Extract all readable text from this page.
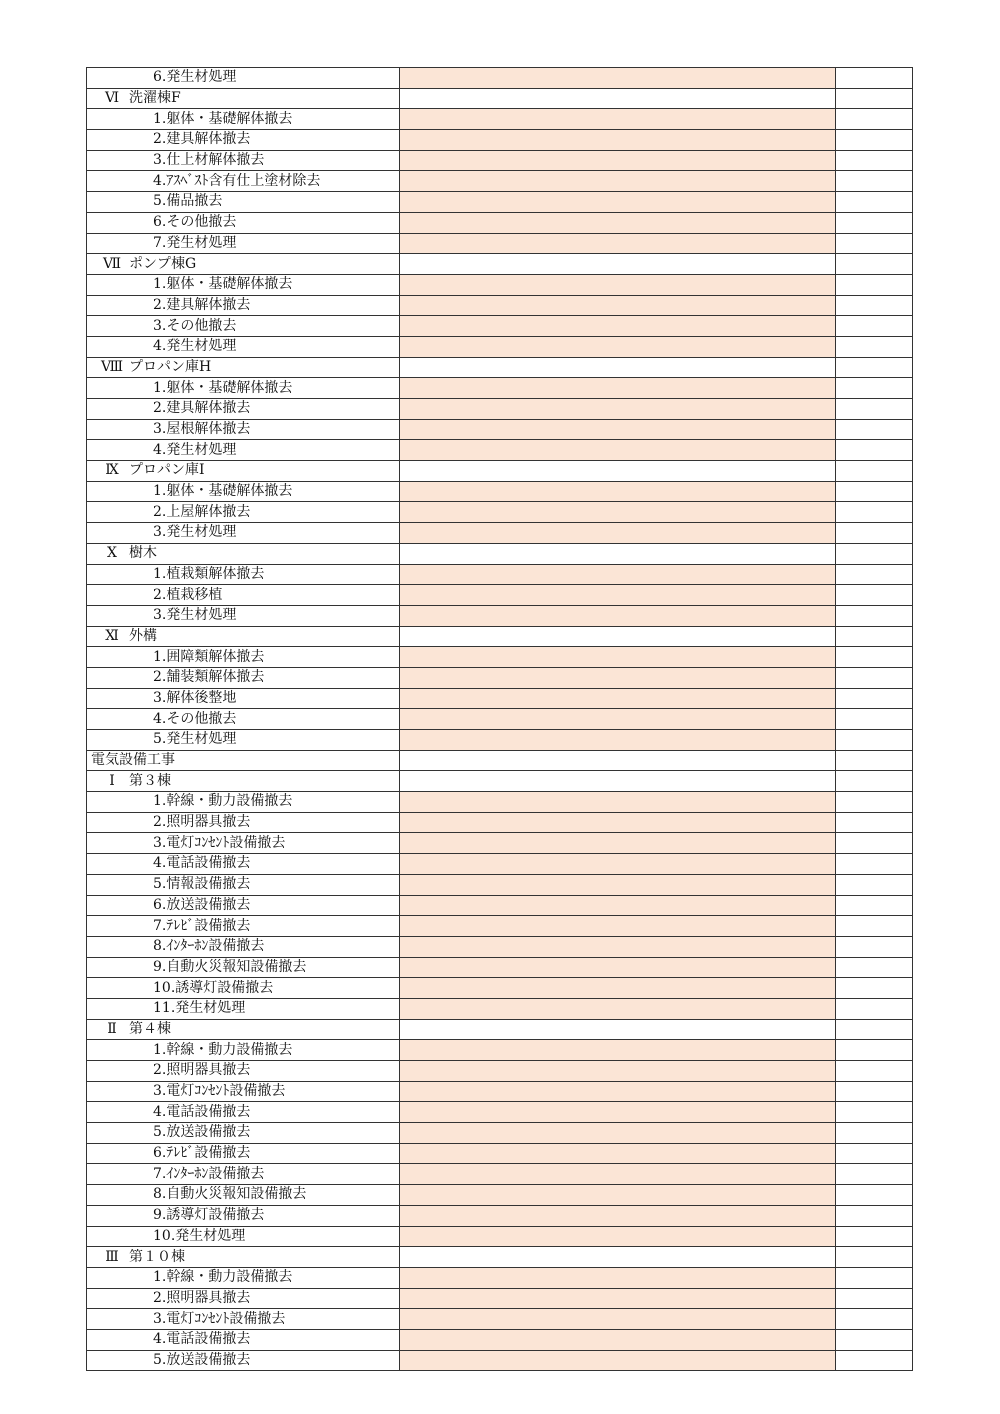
6.発生材処理		
Ⅵ 洗濯棟F		
1.躯体・基礎解体撤去		
2.建具解体撤去		
3.仕上材解体撤去		
4.ｱｽﾍﾞｽﾄ含有仕上塗材除去		
5.備品撤去		
6.その他撤去		
7.発生材処理		
Ⅶ ポンプ棟G		
1.躯体・基礎解体撤去		
2.建具解体撤去		
3.その他撤去		
4.発生材処理		
Ⅷ プロパン庫H		
1.躯体・基礎解体撤去		
2.建具解体撤去		
3.屋根解体撤去		
4.発生材処理		
Ⅸ プロパン庫I		
1.躯体・基礎解体撤去		
2.上屋解体撤去		
3.発生材処理		
Ⅹ 樹木		
1.植栽類解体撤去		
2.植栽移植		
3.発生材処理		
Ⅺ 外構		
1.囲障類解体撤去		
2.舗装類解体撤去		
3.解体後整地		
4.その他撤去		
5.発生材処理		
電気設備工事		
Ⅰ 第３棟		
1.幹線・動力設備撤去		
2.照明器具撤去		
3.電灯ｺﾝｾﾝﾄ設備撤去		
4.電話設備撤去		
5.情報設備撤去		
6.放送設備撤去		
7.ﾃﾚﾋﾞ設備撤去		
8.ｲﾝﾀｰﾎﾝ設備撤去		
9.自動火災報知設備撤去		
10.誘導灯設備撤去		
11.発生材処理		
Ⅱ 第４棟		
1.幹線・動力設備撤去		
2.照明器具撤去		
3.電灯ｺﾝｾﾝﾄ設備撤去		
4.電話設備撤去		
5.放送設備撤去		
6.ﾃﾚﾋﾞ設備撤去		
7.ｲﾝﾀｰﾎﾝ設備撤去		
8.自動火災報知設備撤去		
9.誘導灯設備撤去		
10.発生材処理		
Ⅲ 第１０棟		
1.幹線・動力設備撤去		
2.照明器具撤去		
3.電灯ｺﾝｾﾝﾄ設備撤去		
4.電話設備撤去		
5.放送設備撤去		
